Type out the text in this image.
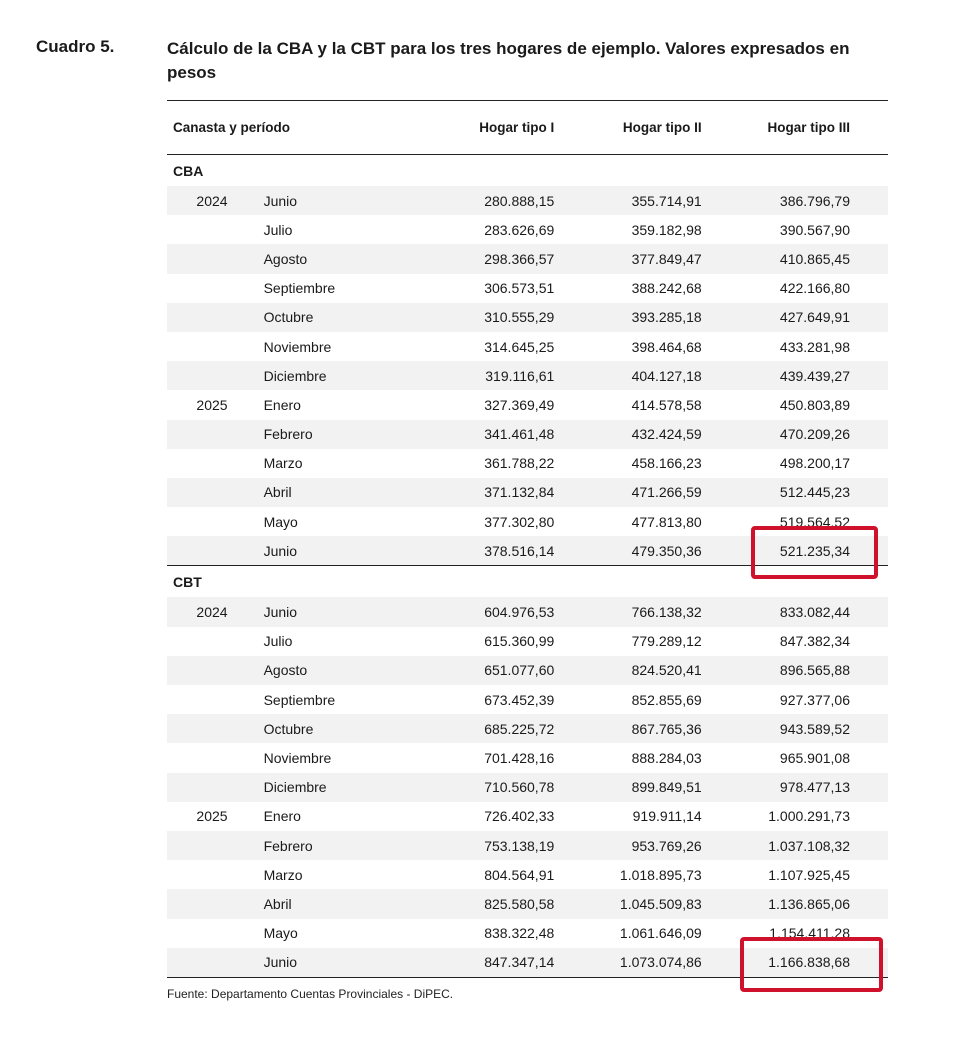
Cuadro 5.	Cálculo de la CBA y la CBT para los tres hogares de ejemplo. Valores expresados en pesos
Canasta y período		Hogar tipo I	Hogar tipo II	Hogar tipo III
CBA				
2024	Junio	280.888,15	355.714,91	386.796,79
	Julio	283.626,69	359.182,98	390.567,90
	Agosto	298.366,57	377.849,47	410.865,45
	Septiembre	306.573,51	388.242,68	422.166,80
	Octubre	310.555,29	393.285,18	427.649,91
	Noviembre	314.645,25	398.464,68	433.281,98
	Diciembre	319.116,61	404.127,18	439.439,27
2025	Enero	327.369,49	414.578,58	450.803,89
	Febrero	341.461,48	432.424,59	470.209,26
	Marzo	361.788,22	458.166,23	498.200,17
	Abril	371.132,84	471.266,59	512.445,23
	Mayo	377.302,80	477.813,80	519.564,52
	Junio	378.516,14	479.350,36	521.235,34
CBT				
2024	Junio	604.976,53	766.138,32	833.082,44
	Julio	615.360,99	779.289,12	847.382,34
	Agosto	651.077,60	824.520,41	896.565,88
	Septiembre	673.452,39	852.855,69	927.377,06
	Octubre	685.225,72	867.765,36	943.589,52
	Noviembre	701.428,16	888.284,03	965.901,08
	Diciembre	710.560,78	899.849,51	978.477,13
2025	Enero	726.402,33	919.911,14	1.000.291,73
	Febrero	753.138,19	953.769,26	1.037.108,32
	Marzo	804.564,91	1.018.895,73	1.107.925,45
	Abril	825.580,58	1.045.509,83	1.136.865,06
	Mayo	838.322,48	1.061.646,09	1.154.411,28
	Junio	847.347,14	1.073.074,86	1.166.838,68
Fuente: Departamento Cuentas Provinciales - DiPEC.
